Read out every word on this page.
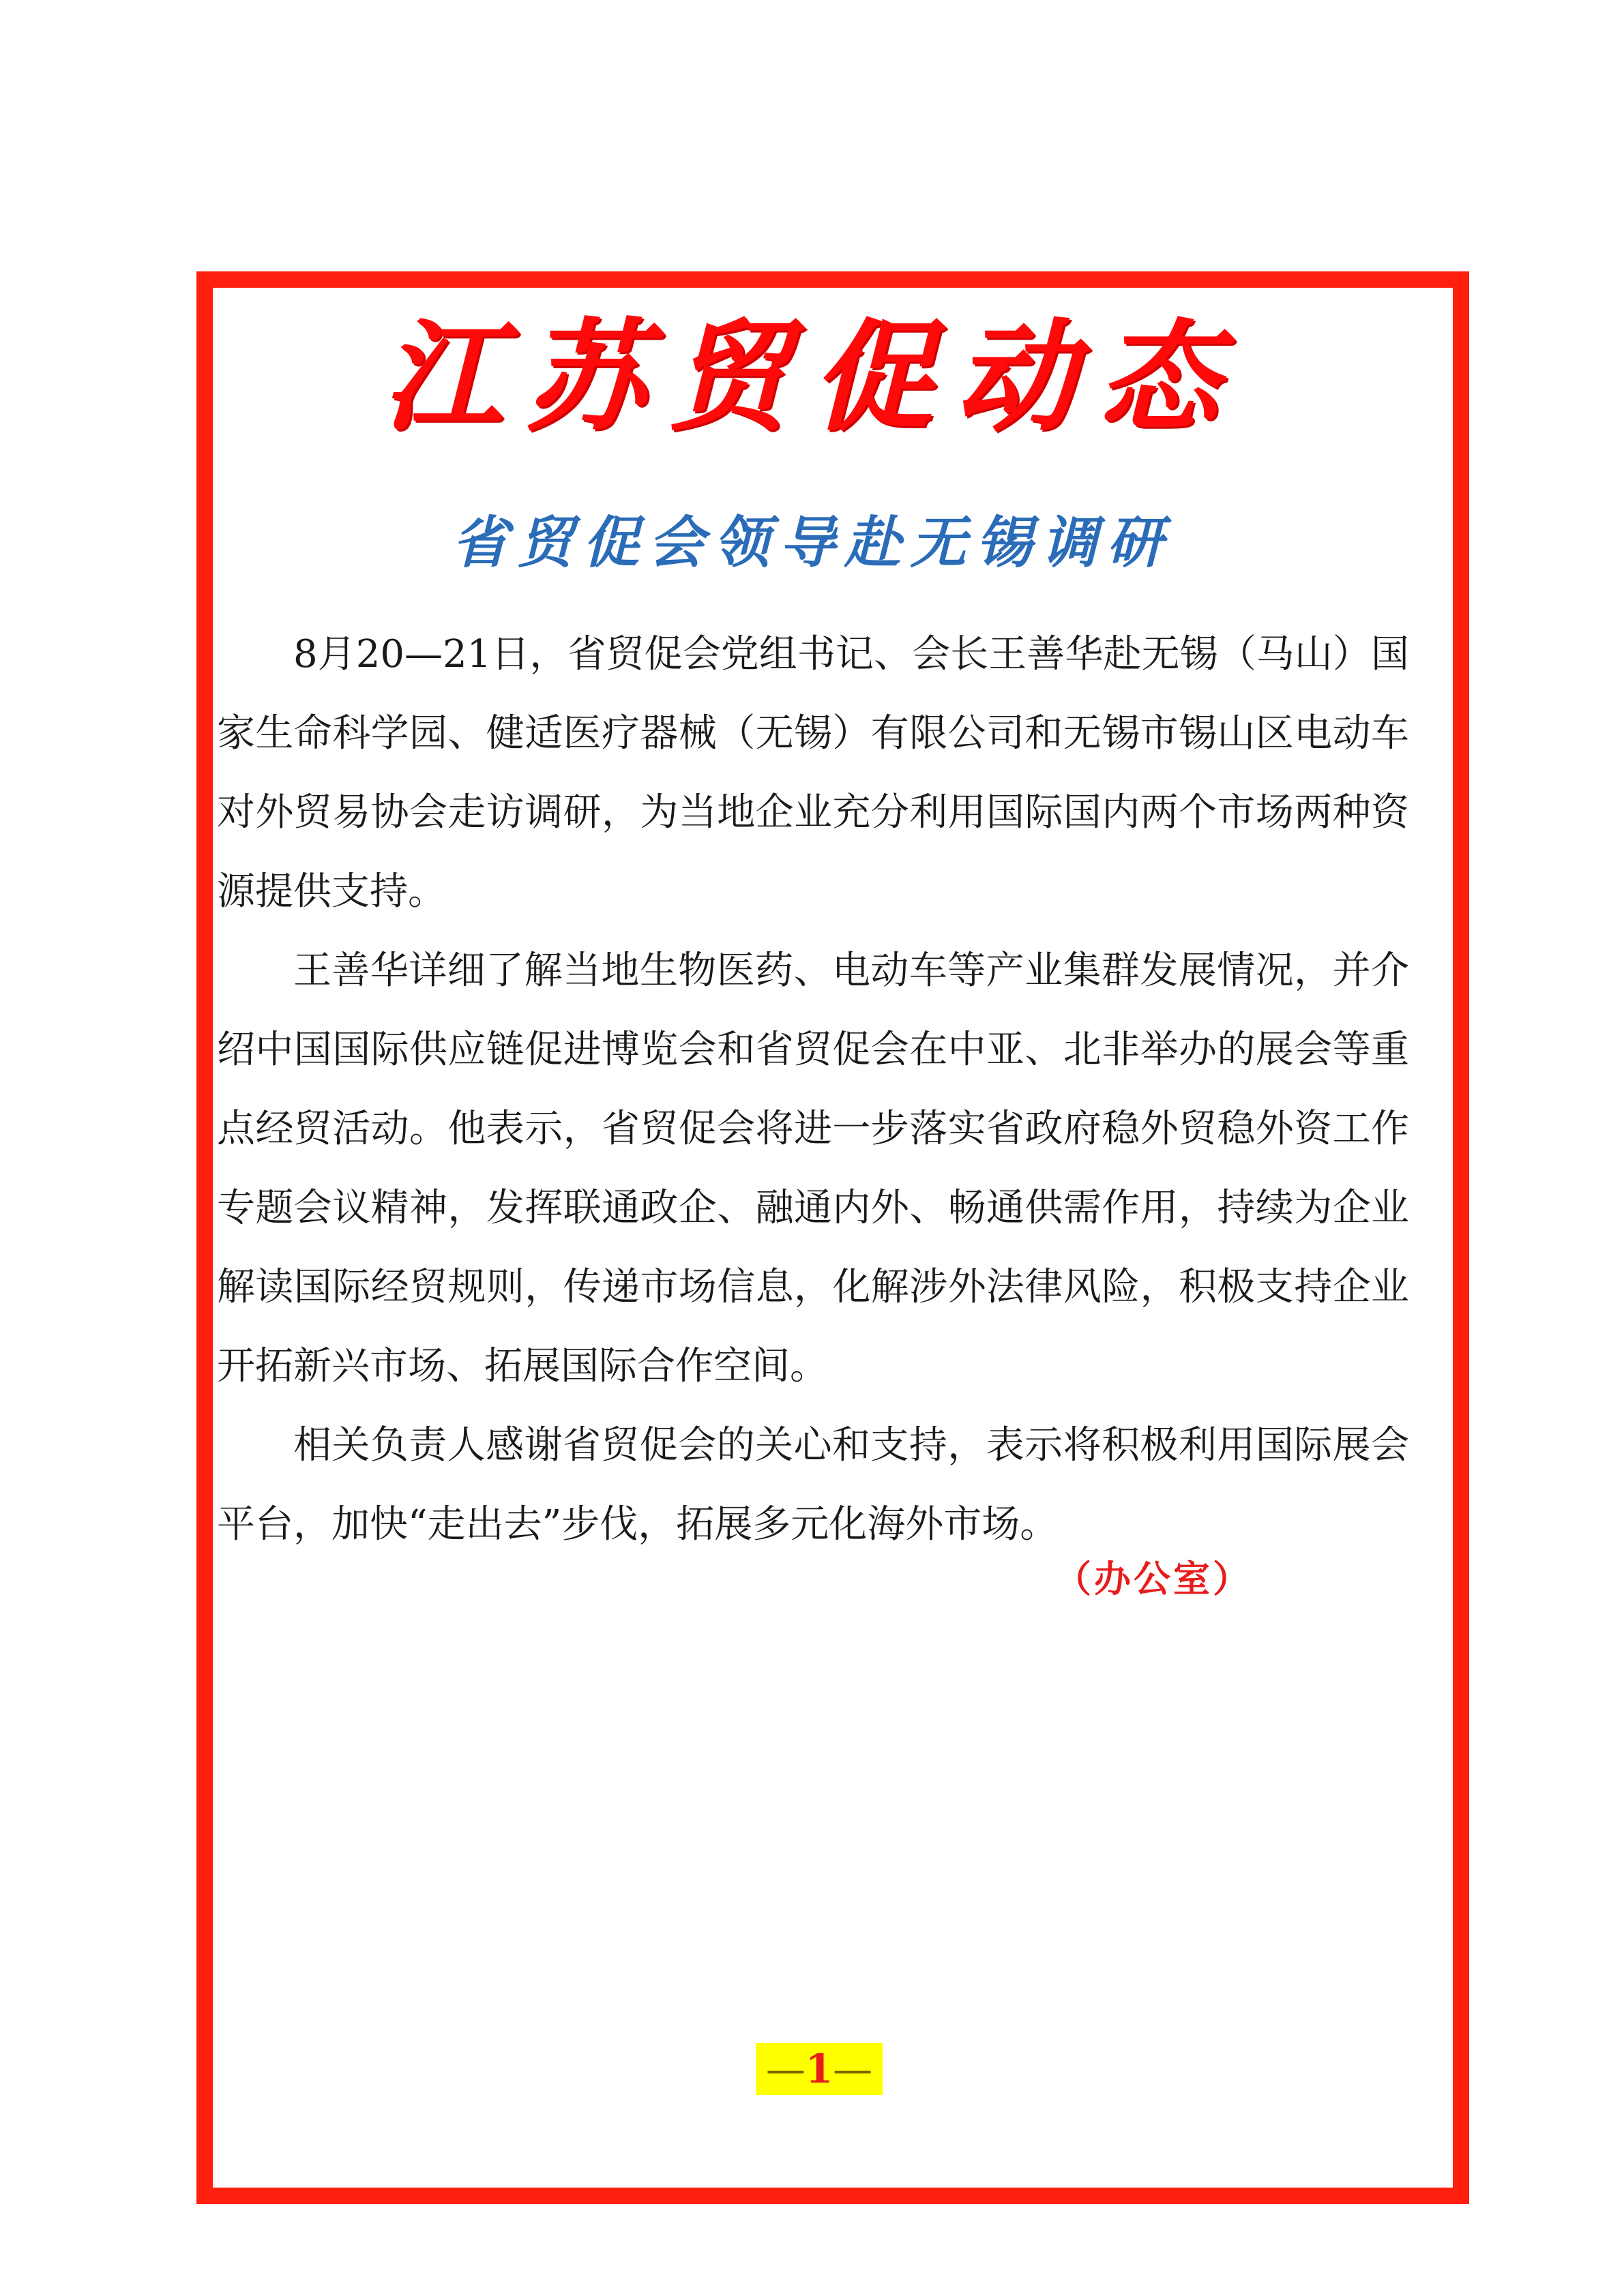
江苏贸促动态
省贸促会领导赴无锡调研

8月20—21日，省贸促会党组书记、会长王善华赴无锡（马山）国家生命科学园、健适医疗器械（无锡）有限公司和无锡市锡山区电动车对外贸易协会走访调研，为当地企业充分利用国际国内两个市场两种资源提供支持。

王善华详细了解当地生物医药、电动车等产业集群发展情况，并介绍中国国际供应链促进博览会和省贸促会在中亚、北非举办的展会等重点经贸活动。他表示，省贸促会将进一步落实省政府稳外贸稳外资工作专题会议精神，发挥联通政企、融通内外、畅通供需作用，持续为企业解读国际经贸规则，传递市场信息，化解涉外法律风险，积极支持企业开拓新兴市场、拓展国际合作空间。

相关负责人感谢省贸促会的关心和支持，表示将积极利用国际展会平台，加快“走出去”步伐，拓展多元化海外市场。

（办公室）
—1—
